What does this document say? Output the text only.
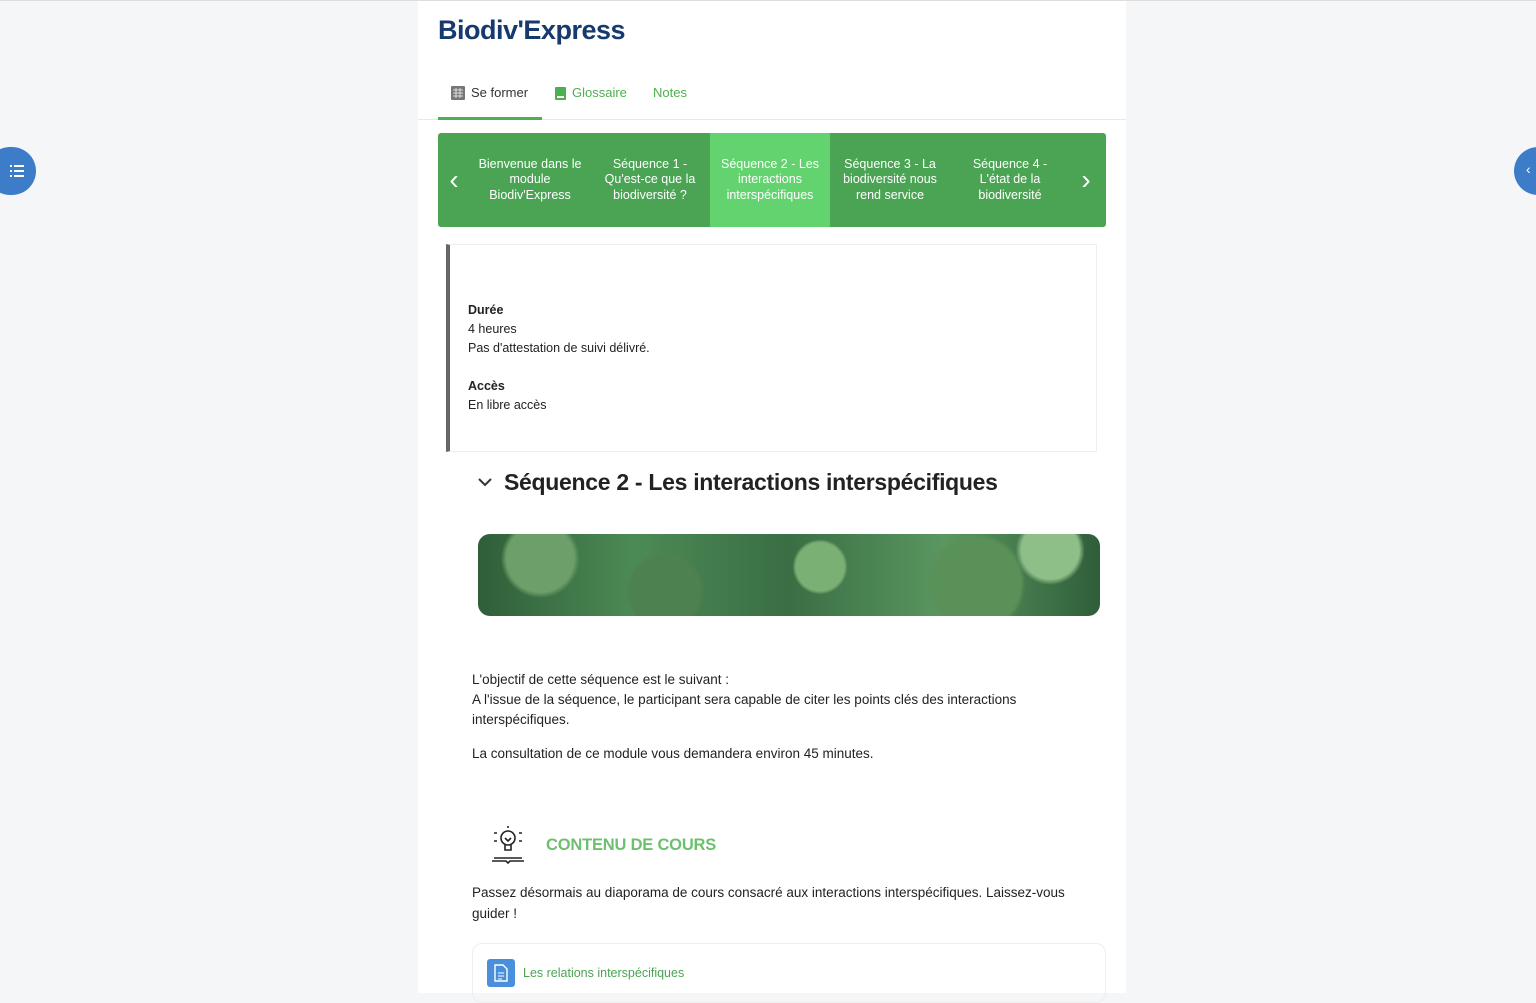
‹
Biodiv'Express
Se former	Glossaire Notes
‹
Bienvenue dans le module Biodiv'Express
Séquence 1 - Qu'est-ce que la biodiversité ?
Séquence 2 - Les interactions interspécifiques
Séquence 3 - La biodiversité nous rend service
Séquence 4 - L'état de la biodiversité	›
Durée
4 heures
Pas d'attestation de suivi délivré.
Accès
En libre accès
Séquence 2 - Les interactions interspécifiques
L'objectif de cette séquence est le suivant :
A l'issue de la séquence, le participant sera capable de citer les points clés des interactions interspécifiques.
La consultation de ce module vous demandera environ 45 minutes.
CONTENU DE COURS
Passez désormais au diaporama de cours consacré aux interactions interspécifiques. Laissez-vous guider !
Les relations interspécifiques
